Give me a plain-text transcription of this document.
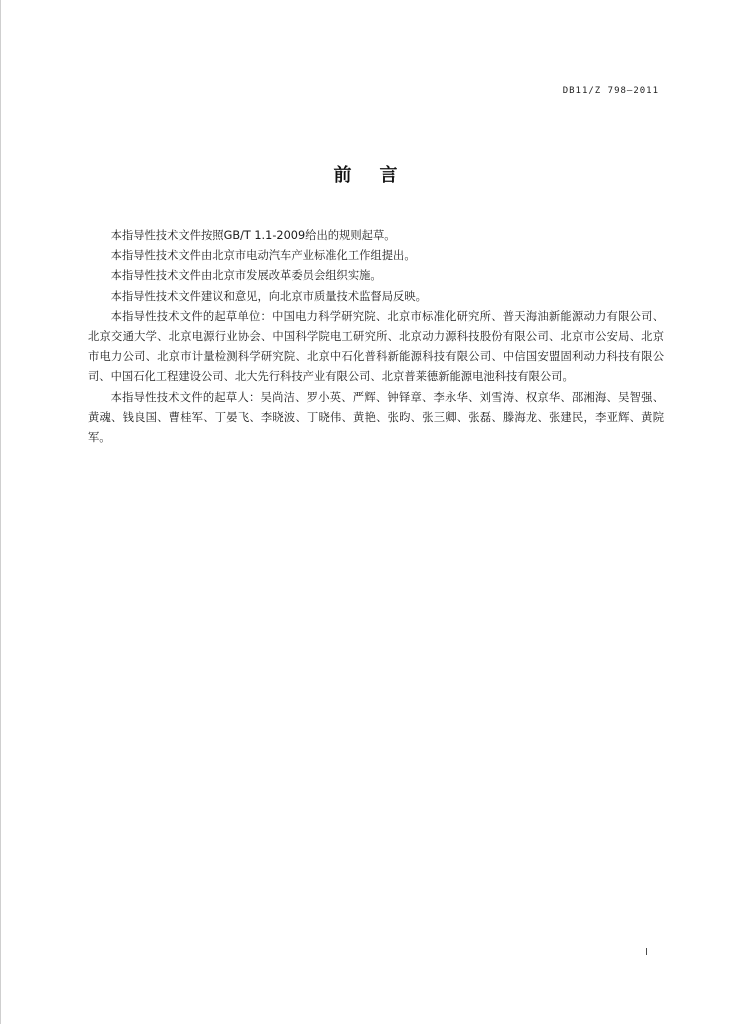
DB11/Z 798—2011
前言

本指导性技术文件按照GB/T 1.1-2009给出的规则起草。

本指导性技术文件由北京市电动汽车产业标准化工作组提出。

本指导性技术文件由北京市发展改革委员会组织实施。

本指导性技术文件建议和意见，向北京市质量技术监督局反映。

本指导性技术文件的起草单位：中国电力科学研究院、北京市标准化研究所、普天海油新能源动力有限公司、北京交通大学、北京电源行业协会、中国科学院电工研究所、北京动力源科技股份有限公司、北京市公安局、北京市电力公司、北京市计量检测科学研究院、北京中石化普科新能源科技有限公司、中信国安盟固利动力科技有限公司、中国石化工程建设公司、北大先行科技产业有限公司、北京普莱德新能源电池科技有限公司。

本指导性技术文件的起草人：吴尚洁、罗小英、严辉、钟铎章、李永华、刘雪涛、权京华、邵湘海、吴智强、黄魂、钱良国、曹桂军、丁晏飞、李晓波、丁晓伟、黄艳、张昀、张三卿、张磊、滕海龙、张建民，李亚辉、黄院军。

I
